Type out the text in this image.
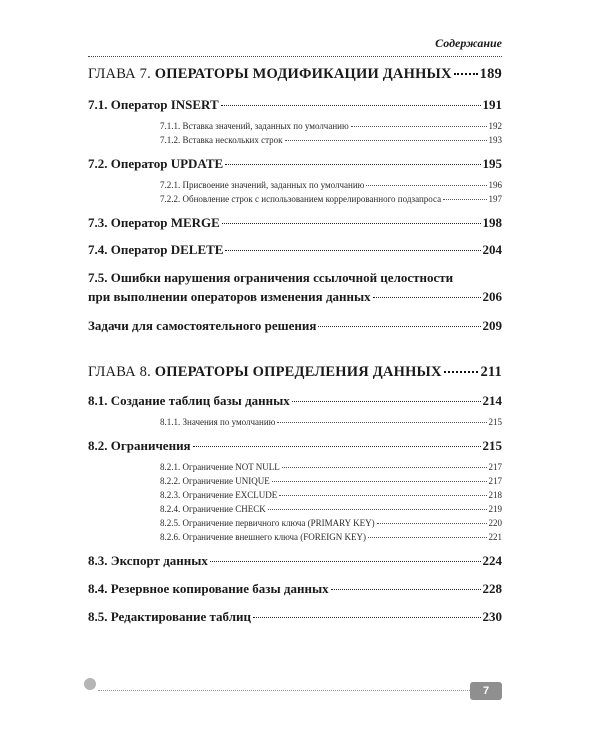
Содержание
ГЛАВА 7. ОПЕРАТОРЫ МОДИФИКАЦИИ ДАННЫХ 189
7.1. Оператор INSERT	191
7.1.1. Вставка значений, заданных по умолчанию	192
7.1.2. Вставка нескольких строк	193
7.2. Оператор UPDATE	195
7.2.1. Присвоение значений, заданных по умолчанию	196
7.2.2. Обновление строк с использованием коррелированного подзапроса	197
7.3. Оператор MERGE	198
7.4. Оператор DELETE	204
7.5. Ошибки нарушения ограничения ссылочной целостности
при выполнении операторов изменения данных	206
Задачи для самостоятельного решения	209
ГЛАВА 8. ОПЕРАТОРЫ ОПРЕДЕЛЕНИЯ ДАННЫХ	211
8.1. Создание таблиц базы данных	214
8.1.1. Значения по умолчанию	215
8.2. Ограничения	215
8.2.1. Ограничение NOT NULL	217
8.2.2. Ограничение UNIQUE	217
8.2.3. Ограничение EXCLUDE	218
8.2.4. Ограничение CHECK	219
8.2.5. Ограничение первичного ключа (PRIMARY KEY)	220
8.2.6. Ограничение внешнего ключа (FOREIGN KEY)	221
8.3. Экспорт данных	224
8.4. Резервное копирование базы данных	228
8.5. Редактирование таблиц	230
7
